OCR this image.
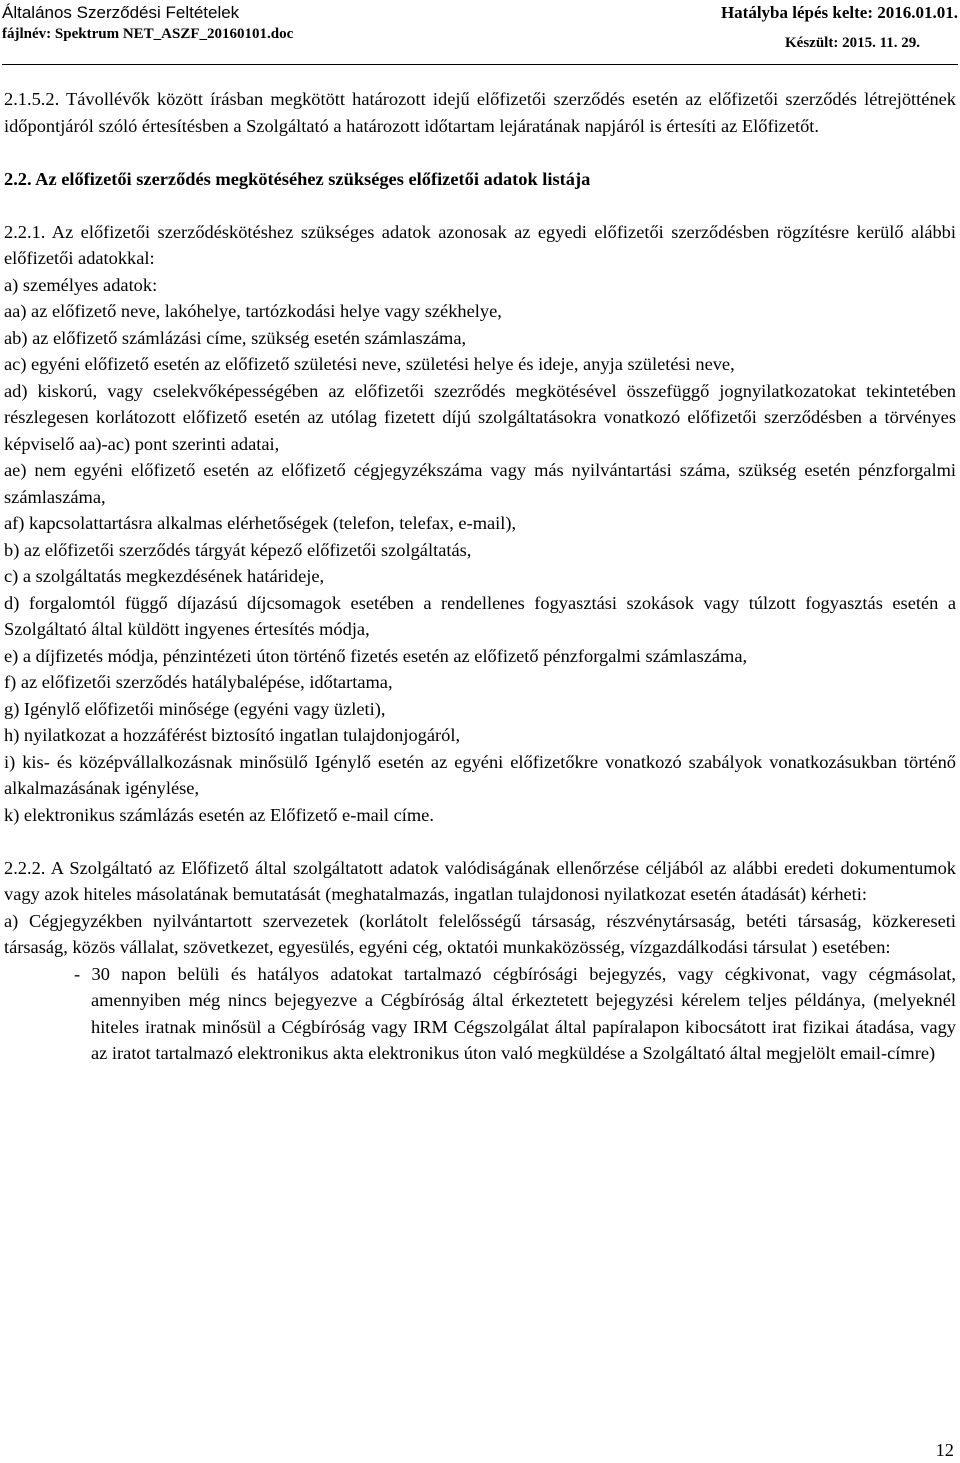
Általános Szerződési Feltételek
fájlnév: Spektrum NET_ASZF_20160101.doc
Hatályba lépés kelte: 2016.01.01.
Készült: 2015. 11. 29.

2.1.5.2. Távollévők között írásban megkötött határozott idejű előfizetői szerződés esetén az előfizetői szerződés létrejöttének időpontjáról szóló értesítésben a Szolgáltató a határozott időtartam lejáratának napjáról is értesíti az Előfizetőt.

2.2. Az előfizetői szerződés megkötéséhez szükséges előfizetői adatok listája

2.2.1. Az előfizetői szerződéskötéshez szükséges adatok azonosak az egyedi előfizetői szerződésben rögzítésre kerülő alábbi előfizetői adatokkal:

a) személyes adatok:

aa) az előfizető neve, lakóhelye, tartózkodási helye vagy székhelye,

ab) az előfizető számlázási címe, szükség esetén számlaszáma,

ac) egyéni előfizető esetén az előfizető születési neve, születési helye és ideje, anyja születési neve,

ad) kiskorú, vagy cselekvőképességében az előfizetői szezrődés megkötésével összefüggő jognyilatkozatokat tekintetében részlegesen korlátozott előfizető esetén az utólag fizetett díjú szolgáltatásokra vonatkozó előfizetői szerződésben a törvényes képviselő aa)-ac) pont szerinti adatai,

ae) nem egyéni előfizető esetén az előfizető cégjegyzékszáma vagy más nyilvántartási száma, szükség esetén pénzforgalmi számlaszáma,

af) kapcsolattartásra alkalmas elérhetőségek (telefon, telefax, e-mail),

b) az előfizetői szerződés tárgyát képező előfizetői szolgáltatás,

c) a szolgáltatás megkezdésének határideje,

d) forgalomtól függő díjazású díjcsomagok esetében a rendellenes fogyasztási szokások vagy túlzott fogyasztás esetén a Szolgáltató által küldött ingyenes értesítés módja,

e) a díjfizetés módja, pénzintézeti úton történő fizetés esetén az előfizető pénzforgalmi számlaszáma,

f) az előfizetői szerződés hatálybalépése, időtartama,

g) Igénylő előfizetői minősége (egyéni vagy üzleti),

h) nyilatkozat a hozzáférést biztosító ingatlan tulajdonjogáról,

i) kis- és középvállalkozásnak minősülő Igénylő esetén az egyéni előfizetőkre vonatkozó szabályok vonatkozásukban történő alkalmazásának igénylése,

k) elektronikus számlázás esetén az Előfizető e-mail címe.

2.2.2. A Szolgáltató az Előfizető által szolgáltatott adatok valódiságának ellenőrzése céljából az alábbi eredeti dokumentumok vagy azok hiteles másolatának bemutatását (meghatalmazás, ingatlan tulajdonosi nyilatkozat esetén átadását) kérheti:

a) Cégjegyzékben nyilvántartott szervezetek (korlátolt felelősségű társaság, részvénytársaság, betéti társaság, közkereseti társaság, közös vállalat, szövetkezet, egyesülés, egyéni cég, oktatói munkaközösség, vízgazdálkodási társulat ) esetében:

- 30 napon belüli és hatályos adatokat tartalmazó cégbírósági bejegyzés, vagy cégkivonat, vagy cégmásolat, amennyiben még nincs bejegyezve a Cégbíróság által érkeztetett bejegyzési kérelem teljes példánya, (melyeknél hiteles iratnak minősül a Cégbíróság vagy IRM Cégszolgálat által papíralapon kibocsátott irat fizikai átadása, vagy az iratot tartalmazó elektronikus akta elektronikus úton való megküldése a Szolgáltató által megjelölt email-címre)

12
